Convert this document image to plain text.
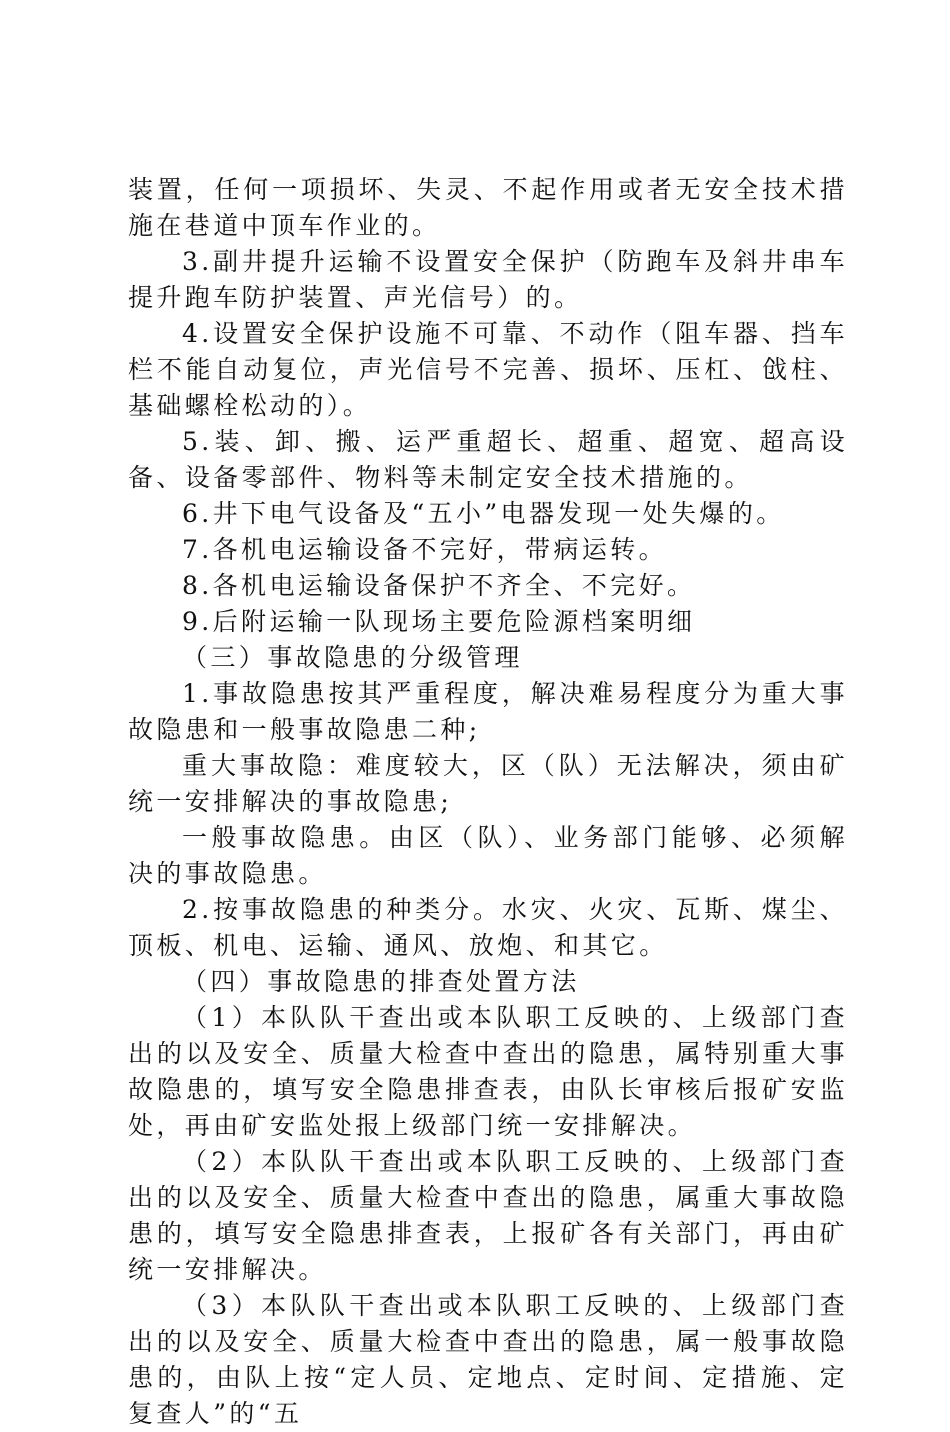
装置，任何一项损坏、失灵、不起作用或者无安全技术措施在巷道中顶车作业的。

3.副井提升运输不设置安全保护（防跑车及斜井串车提升跑车防护装置、声光信号）的。

4.设置安全保护设施不可靠、不动作（阻车器、挡车栏不能自动复位，声光信号不完善、损坏、压杠、戗柱、基础螺栓松动的）。

5.装、卸、搬、运严重超长、超重、超宽、超高设备、设备零部件、物料等未制定安全技术措施的。

6.井下电气设备及“五小”电器发现一处失爆的。

7.各机电运输设备不完好，带病运转。

8.各机电运输设备保护不齐全、不完好。

9.后附运输一队现场主要危险源档案明细

（三）事故隐患的分级管理

1.事故隐患按其严重程度，解决难易程度分为重大事故隐患和一般事故隐患二种;

重大事故隐：难度较大，区（队）无法解决，须由矿统一安排解决的事故隐患;

一般事故隐患。由区（队）、业务部门能够、必须解决的事故隐患。

2.按事故隐患的种类分。水灾、火灾、瓦斯、煤尘、顶板、机电、运输、通风、放炮、和其它。

（四）事故隐患的排查处置方法

（1）本队队干查出或本队职工反映的、上级部门查出的以及安全、质量大检查中查出的隐患，属特别重大事故隐患的，填写安全隐患排查表，由队长审核后报矿安监处，再由矿安监处报上级部门统一安排解决。

（2）本队队干查出或本队职工反映的、上级部门查出的以及安全、质量大检查中查出的隐患，属重大事故隐患的，填写安全隐患排查表，上报矿各有关部门，再由矿统一安排解决。

（3）本队队干查出或本队职工反映的、上级部门查出的以及安全、质量大检查中查出的隐患，属一般事故隐患的，由队上按“定人员、定地点、定时间、定措施、定复查人”的“五
